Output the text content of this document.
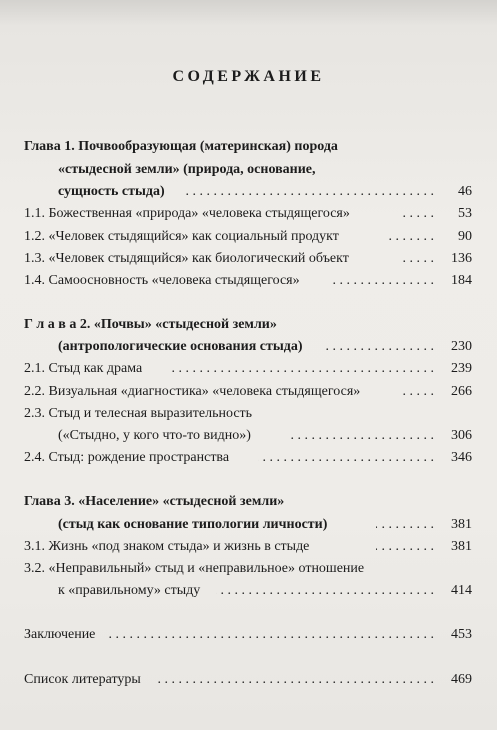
СОДЕРЖАНИЕ
Глава 1. Почвообразующая (материнская) порода
«стыдесной земли» (природа, основание,
сущность стыда) . . .	46
1.1. Божественная «природа» «человека стыдящегося» . . .	53
1.2. «Человек стыдящийся» как социальный продукт . . .	90
1.3. «Человек стыдящийся» как биологический объект . . .	136
1.4. Самоосновность «человека стыдящегося» . . .	184
Г л а в а 2. «Почвы» «стыдесной земли»
(антропологические основания стыда) . . .	230
2.1. Стыд как драма . . .	239
2.2. Визуальная «диагностика» «человека стыдящегося» . . .	266
2.3. Стыд и телесная выразительность
(«Стыдно, у кого что-то видно») . . .	306
2.4. Стыд: рождение пространства . . .	346
Глава 3. «Население» «стыдесной земли»
(стыд как основание типологии личности) . . .	381
3.1. Жизнь «под знаком стыда» и жизнь в стыде . . .	381
3.2. «Неправильный» стыд и «неправильное» отношение
к «правильному» стыду . . .	414
Заключение . . .	453
Список литературы . . .	469
